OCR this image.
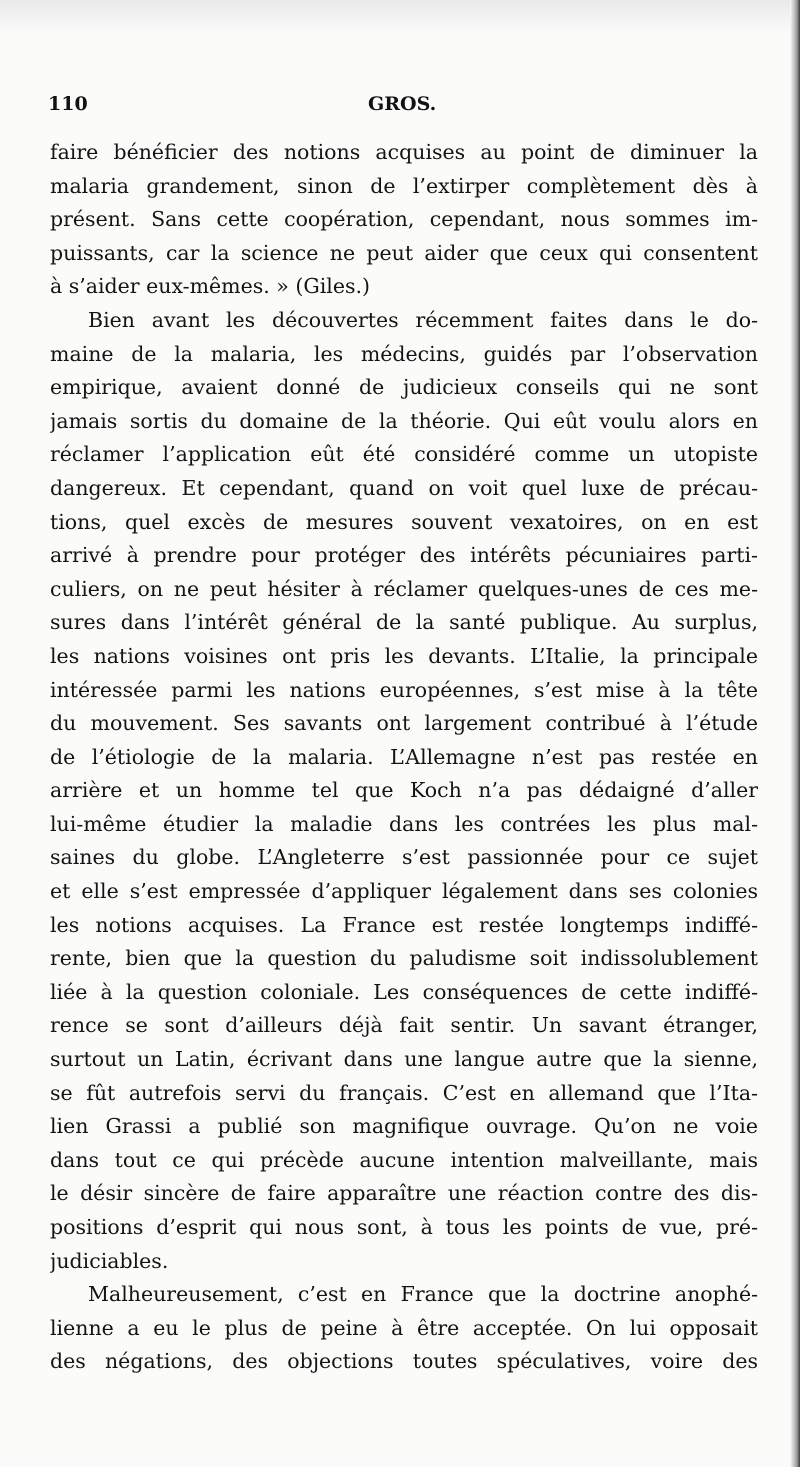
110	GROS.
faire bénéficier des notions acquises au point de diminuer la
malaria grandement, sinon de l’extirper complètement dès à
présent. Sans cette coopération, cependant, nous sommes im-
puissants, car la science ne peut aider que ceux qui consentent
à s’aider eux-mêmes. » (Giles.)
Bien avant les découvertes récemment faites dans le do-
maine de la malaria, les médecins, guidés par l’observation
empirique, avaient donné de judicieux conseils qui ne sont
jamais sortis du domaine de la théorie. Qui eût voulu alors en
réclamer l’application eût été considéré comme un utopiste
dangereux. Et cependant, quand on voit quel luxe de précau-
tions, quel excès de mesures souvent vexatoires, on en est
arrivé à prendre pour protéger des intérêts pécuniaires parti-
culiers, on ne peut hésiter à réclamer quelques-unes de ces me-
sures dans l’intérêt général de la santé publique. Au surplus,
les nations voisines ont pris les devants. L’Italie, la principale
intéressée parmi les nations européennes, s’est mise à la tête
du mouvement. Ses savants ont largement contribué à l’étude
de l’étiologie de la malaria. L’Allemagne n’est pas restée en
arrière et un homme tel que Koch n’a pas dédaigné d’aller
lui-même étudier la maladie dans les contrées les plus mal-
saines du globe. L’Angleterre s’est passionnée pour ce sujet
et elle s’est empressée d’appliquer légalement dans ses colonies
les notions acquises. La France est restée longtemps indiffé-
rente, bien que la question du paludisme soit indissolublement
liée à la question coloniale. Les conséquences de cette indiffé-
rence se sont d’ailleurs déjà fait sentir. Un savant étranger,
surtout un Latin, écrivant dans une langue autre que la sienne,
se fût autrefois servi du français. C’est en allemand que l’Ita-
lien Grassi a publié son magnifique ouvrage. Qu’on ne voie
dans tout ce qui précède aucune intention malveillante, mais
le désir sincère de faire apparaître une réaction contre des dis-
positions d’esprit qui nous sont, à tous les points de vue, pré-
judiciables.
Malheureusement, c’est en France que la doctrine anophé-
lienne a eu le plus de peine à être acceptée. On lui opposait
des négations, des objections toutes spéculatives, voire des
